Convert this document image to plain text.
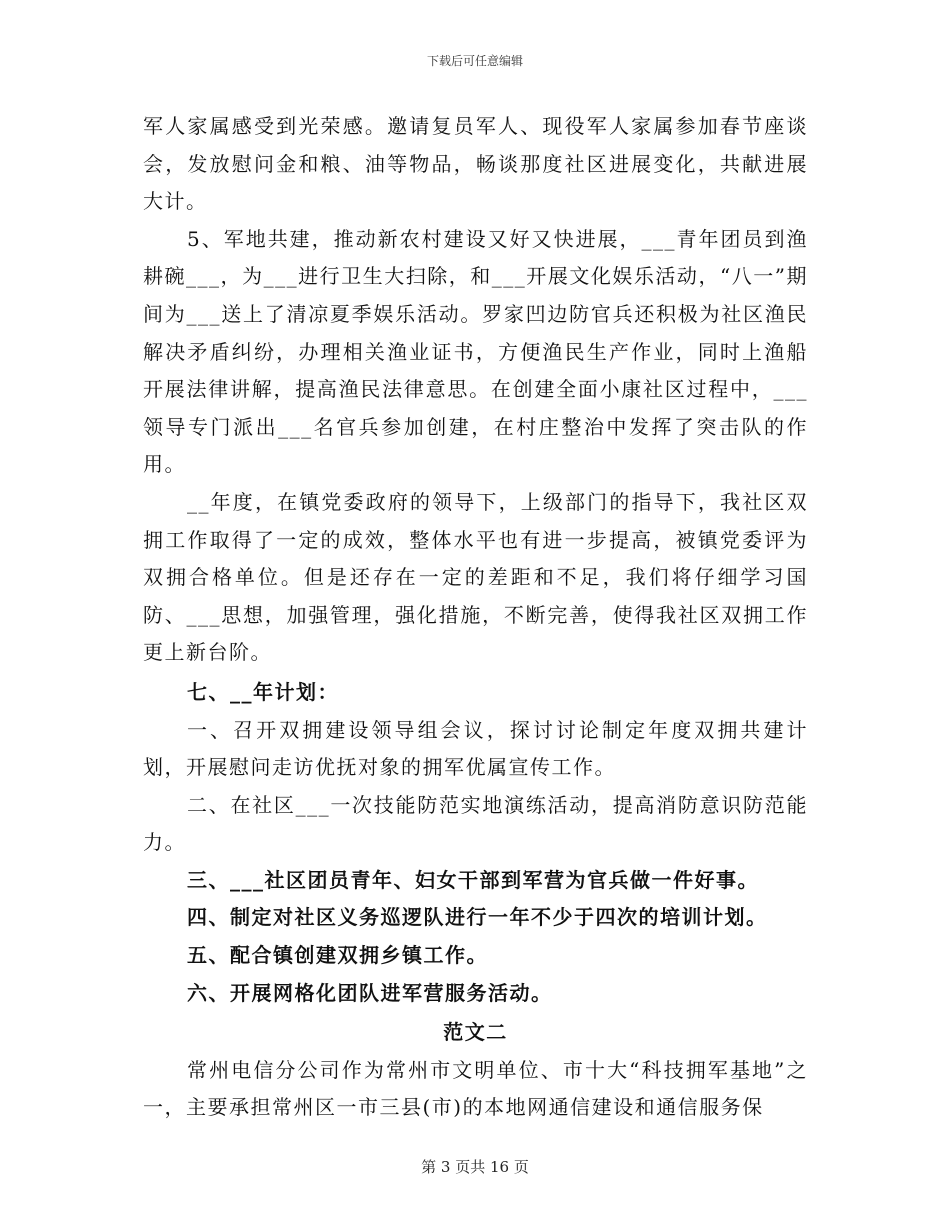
下载后可任意编辑

军人家属感受到光荣感。邀请复员军人、现役军人家属参加春节座谈会，发放慰问金和粮、油等物品，畅谈那度社区进展变化，共献进展大计。

5、军地共建，推动新农村建设又好又快进展，___青年团员到渔耕碗___，为___进行卫生大扫除，和___开展文化娱乐活动，“八一”期间为___送上了清凉夏季娱乐活动。罗家凹边防官兵还积极为社区渔民解决矛盾纠纷，办理相关渔业证书，方便渔民生产作业，同时上渔船开展法律讲解，提高渔民法律意思。在创建全面小康社区过程中，___领导专门派出___名官兵参加创建，在村庄整治中发挥了突击队的作用。

__年度，在镇党委政府的领导下，上级部门的指导下，我社区双拥工作取得了一定的成效，整体水平也有进一步提高，被镇党委评为双拥合格单位。但是还存在一定的差距和不足，我们将仔细学习国防、___思想，加强管理，强化措施，不断完善，使得我社区双拥工作更上新台阶。

七、__年计划：

一、召开双拥建设领导组会议，探讨讨论制定年度双拥共建计划，开展慰问走访优抚对象的拥军优属宣传工作。

二、在社区___一次技能防范实地演练活动，提高消防意识防范能力。

三、___社区团员青年、妇女干部到军营为官兵做一件好事。

四、制定对社区义务巡逻队进行一年不少于四次的培训计划。

五、配合镇创建双拥乡镇工作。

六、开展网格化团队进军营服务活动。

范文二

常州电信分公司作为常州市文明单位、市十大“科技拥军基地”之一，主要承担常州区一市三县(市)的本地网通信建设和通信服务保

第 3 页共 16 页
